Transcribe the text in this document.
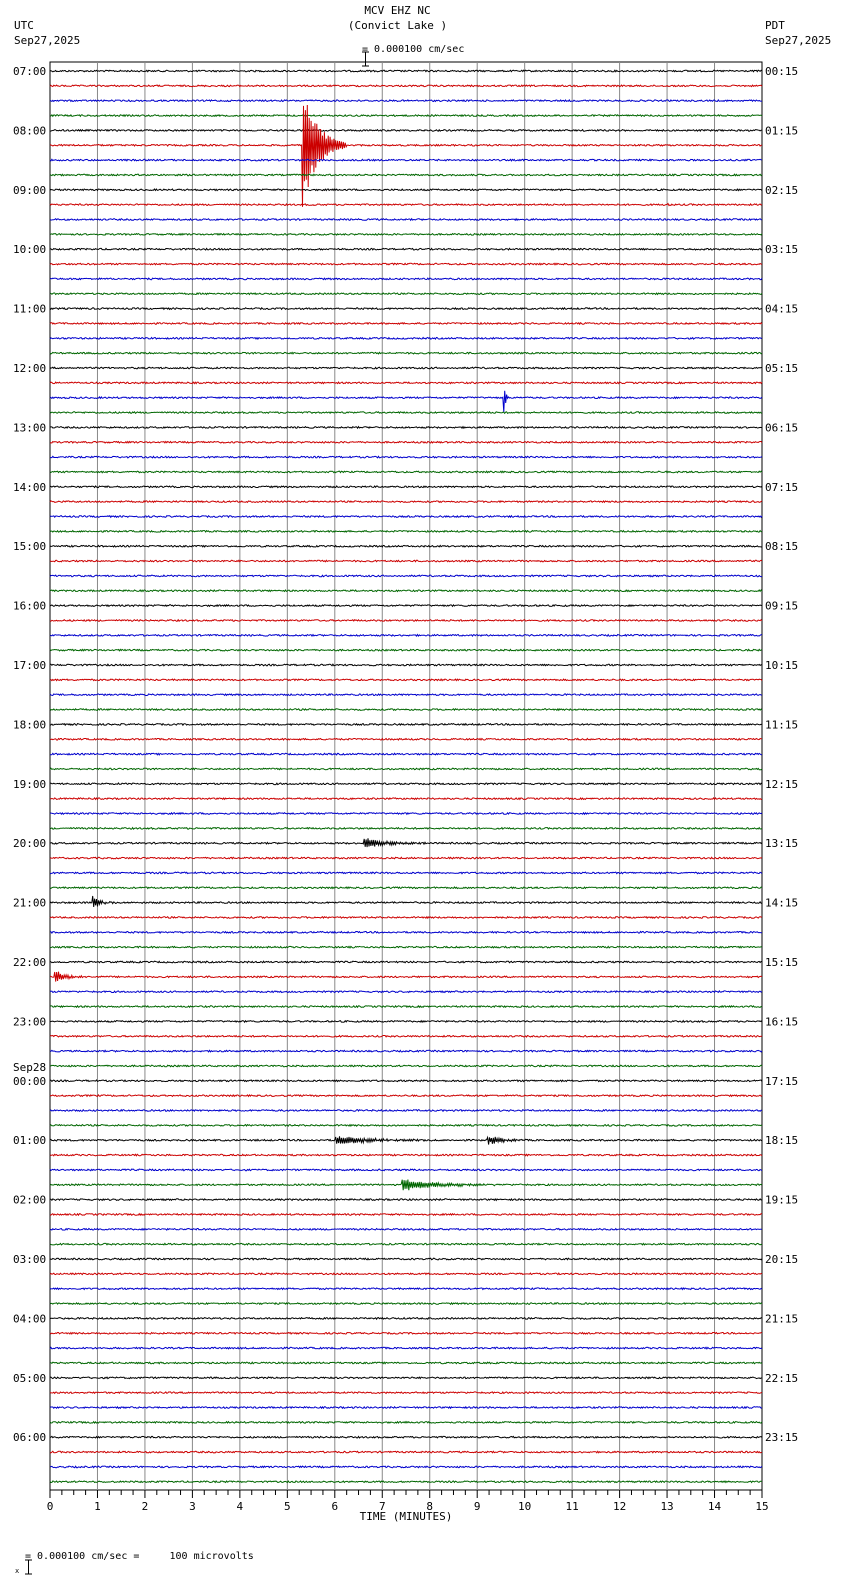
UTC
Sep27,2025
MCV EHZ NC
(Convict Lake )

= 0.000100 cm/sec
PDT
Sep27,2025
07:00	00:15
08:00	01:15
09:00	02:15
10:00	03:15
11:00	04:15
12:00	05:15
13:00	06:15
14:00	07:15
15:00	08:15
16:00	09:15
17:00	10:15
18:00	11:15
19:00	12:15
20:00	13:15
21:00	14:15
22:00	15:15
23:00	16:15
00:00	17:15
01:00	18:15
02:00	19:15
03:00	20:15
04:00	21:15
05:00	22:15
06:00	23:15
Sep28
0	1	2	3	4	5	6	7	8	9	10	11	12	13	14	15
TIME (MINUTES)

x

= 0.000100 cm/sec =     100 microvolts
